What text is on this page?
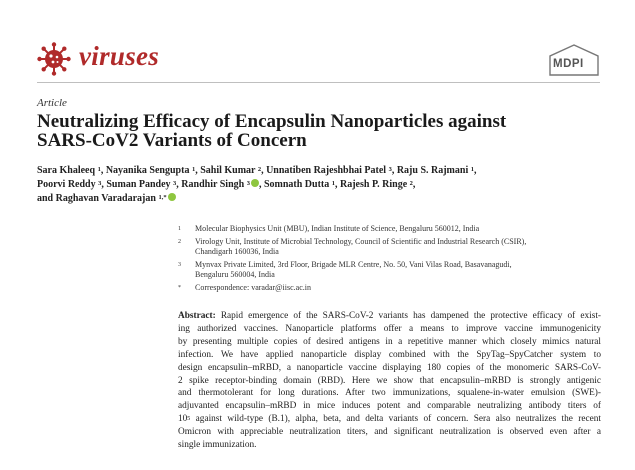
viruses	MDPI
Article
Neutralizing Efficacy of Encapsulin Nanoparticles against
SARS-CoV2 Variants of Concern
Sara Khaleeq $^1$, Nayanika Sengupta $^1$, Sahil Kumar $^2$, Unnatiben Rajeshbhai Patel $^3$, Raju S. Rajmani $^1$,
Poorvi Reddy $^3$, Suman Pandey $^3$, Randhir Singh $^3$ , Somnath Dutta $^1$, Rajesh P. Ringe $^2$,
and Raghavan Varadarajan $^{1,*}$
1 Molecular Biophysics Unit (MBU), Indian Institute of Science, Bengaluru 560012, India
2 Virology Unit, Institute of Microbial Technology, Council of Scientific and Industrial Research (CSIR),
Chandigarh 160036, India
3 Mynvax Private Limited, 3rd Floor, Brigade MLR Centre, No. 50, Vani Vilas Road, Basavanagudi,
Bengaluru 560004, India
* Correspondence: varadar@iisc.ac.in
Abstract: Rapid emergence of the SARS-CoV-2 variants has dampened the protective efficacy of exist-
ing authorized vaccines. Nanoparticle platforms offer a means to improve vaccine immunogenicity
by presenting multiple copies of desired antigens in a repetitive manner which closely mimics natural
infection. We have applied nanoparticle display combined with the SpyTag–SpyCatcher system to
design encapsulin–mRBD, a nanoparticle vaccine displaying 180 copies of the monomeric SARS-CoV-
2 spike receptor-binding domain (RBD). Here we show that encapsulin–mRBD is strongly antigenic
and thermotolerant for long durations. After two immunizations, squalene-in-water emulsion (SWE)-
adjuvanted encapsulin–mRBD in mice induces potent and comparable neutralizing antibody titers of
$10^5$ against wild-type (B.1), alpha, beta, and delta variants of concern. Sera also neutralizes the recent
Omicron with appreciable neutralization titers, and significant neutralization is observed even after a
single immunization.
